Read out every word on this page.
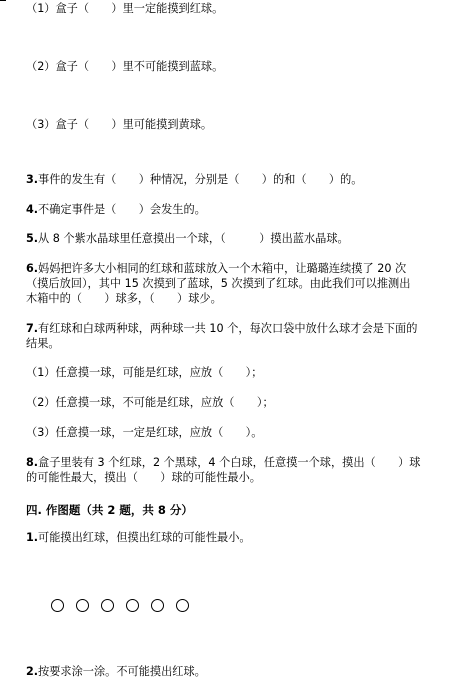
（1）盒子（　　）里一定能摸到红球。
（2）盒子（　　）里不可能摸到蓝球。
（3）盒子（　　）里可能摸到黄球。
3.事件的发生有（　　）种情况，分别是（　　）的和（　　）的。
4.不确定事件是（　　）会发生的。
5.从 8 个紫水晶球里任意摸出一个球，（　　　）摸出蓝水晶球。
6.妈妈把许多大小相同的红球和蓝球放入一个木箱中，让璐璐连续摸了 20 次
（摸后放回），其中 15 次摸到了蓝球，5 次摸到了红球。由此我们可以推测出
木箱中的（　　）球多，（　　）球少。
7.有红球和白球两种球，两种球一共 10 个，每次口袋中放什么球才会是下面的
结果。
（1）任意摸一球，可能是红球，应放（　　）；
（2）任意摸一球，不可能是红球，应放（　　）；
（3）任意摸一球，一定是红球，应放（　　）。
8.盒子里装有 3 个红球，2 个黑球，4 个白球，任意摸一个球，摸出（　　）球
的可能性最大，摸出（　　）球的可能性最小。
四. 作图题（共 2 题，共 8 分）
1.可能摸出红球，但摸出红球的可能性最小。
2.按要求涂一涂。不可能摸出红球。
